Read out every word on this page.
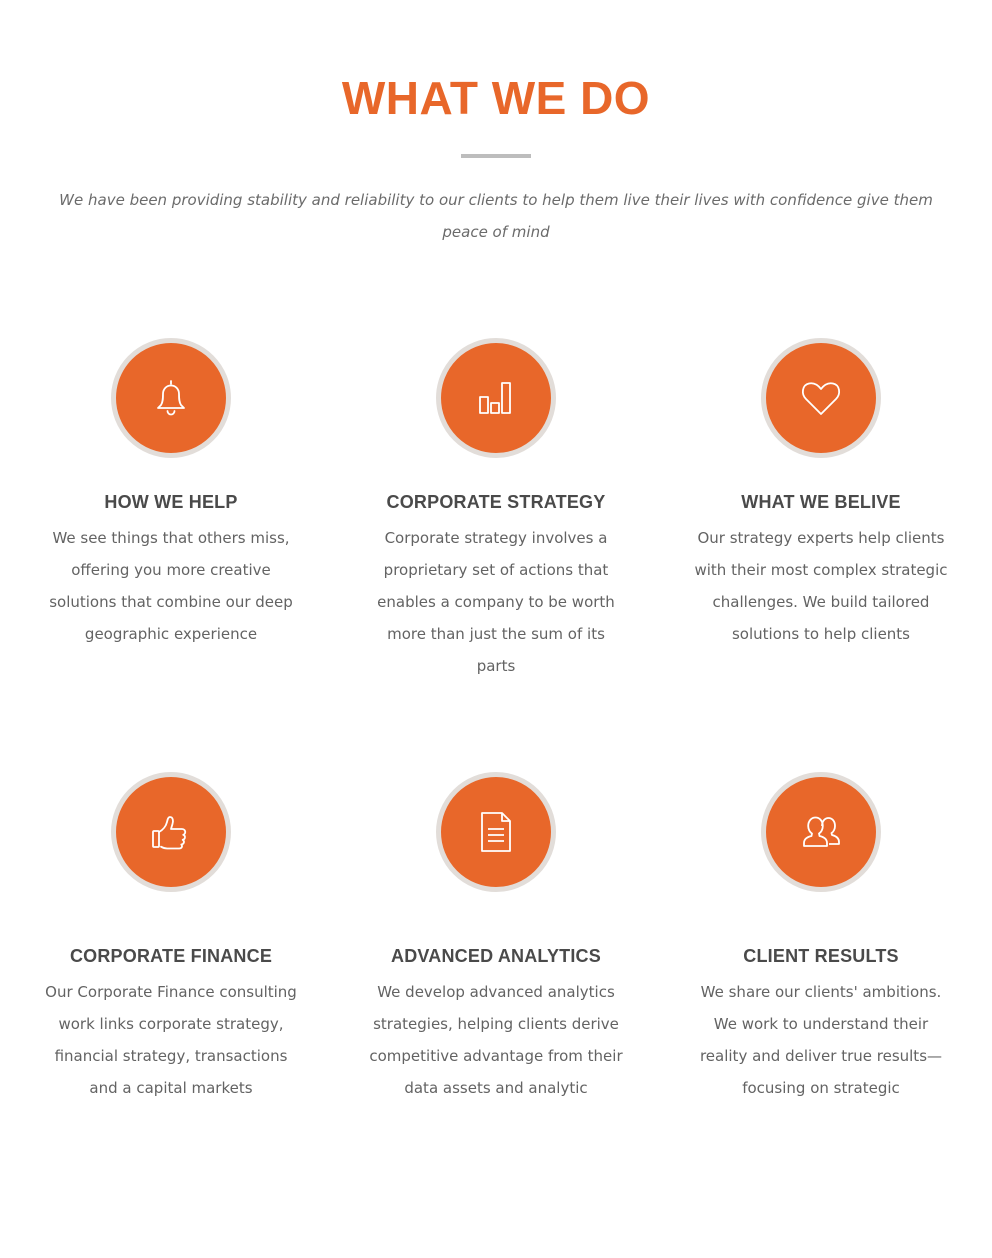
WHAT WE DO

We have been providing stability and reliability to our clients to help them live their lives with confidence give them peace of mind

HOW WE HELP

We see things that others miss, offering you more creative solutions that combine our deep geographic experience

CORPORATE STRATEGY

Corporate strategy involves a proprietary set of actions that enables a company to be worth more than just the sum of its parts

WHAT WE BELIVE

Our strategy experts help clients with their most complex strategic challenges. We build tailored solutions to help clients

CORPORATE FINANCE

Our Corporate Finance consulting work links corporate strategy, financial strategy, transactions and a capital markets

ADVANCED ANALYTICS

We develop advanced analytics strategies, helping clients derive competitive advantage from their data assets and analytic

CLIENT RESULTS

We share our clients' ambitions. We work to understand their reality and deliver true results—focusing on strategic
